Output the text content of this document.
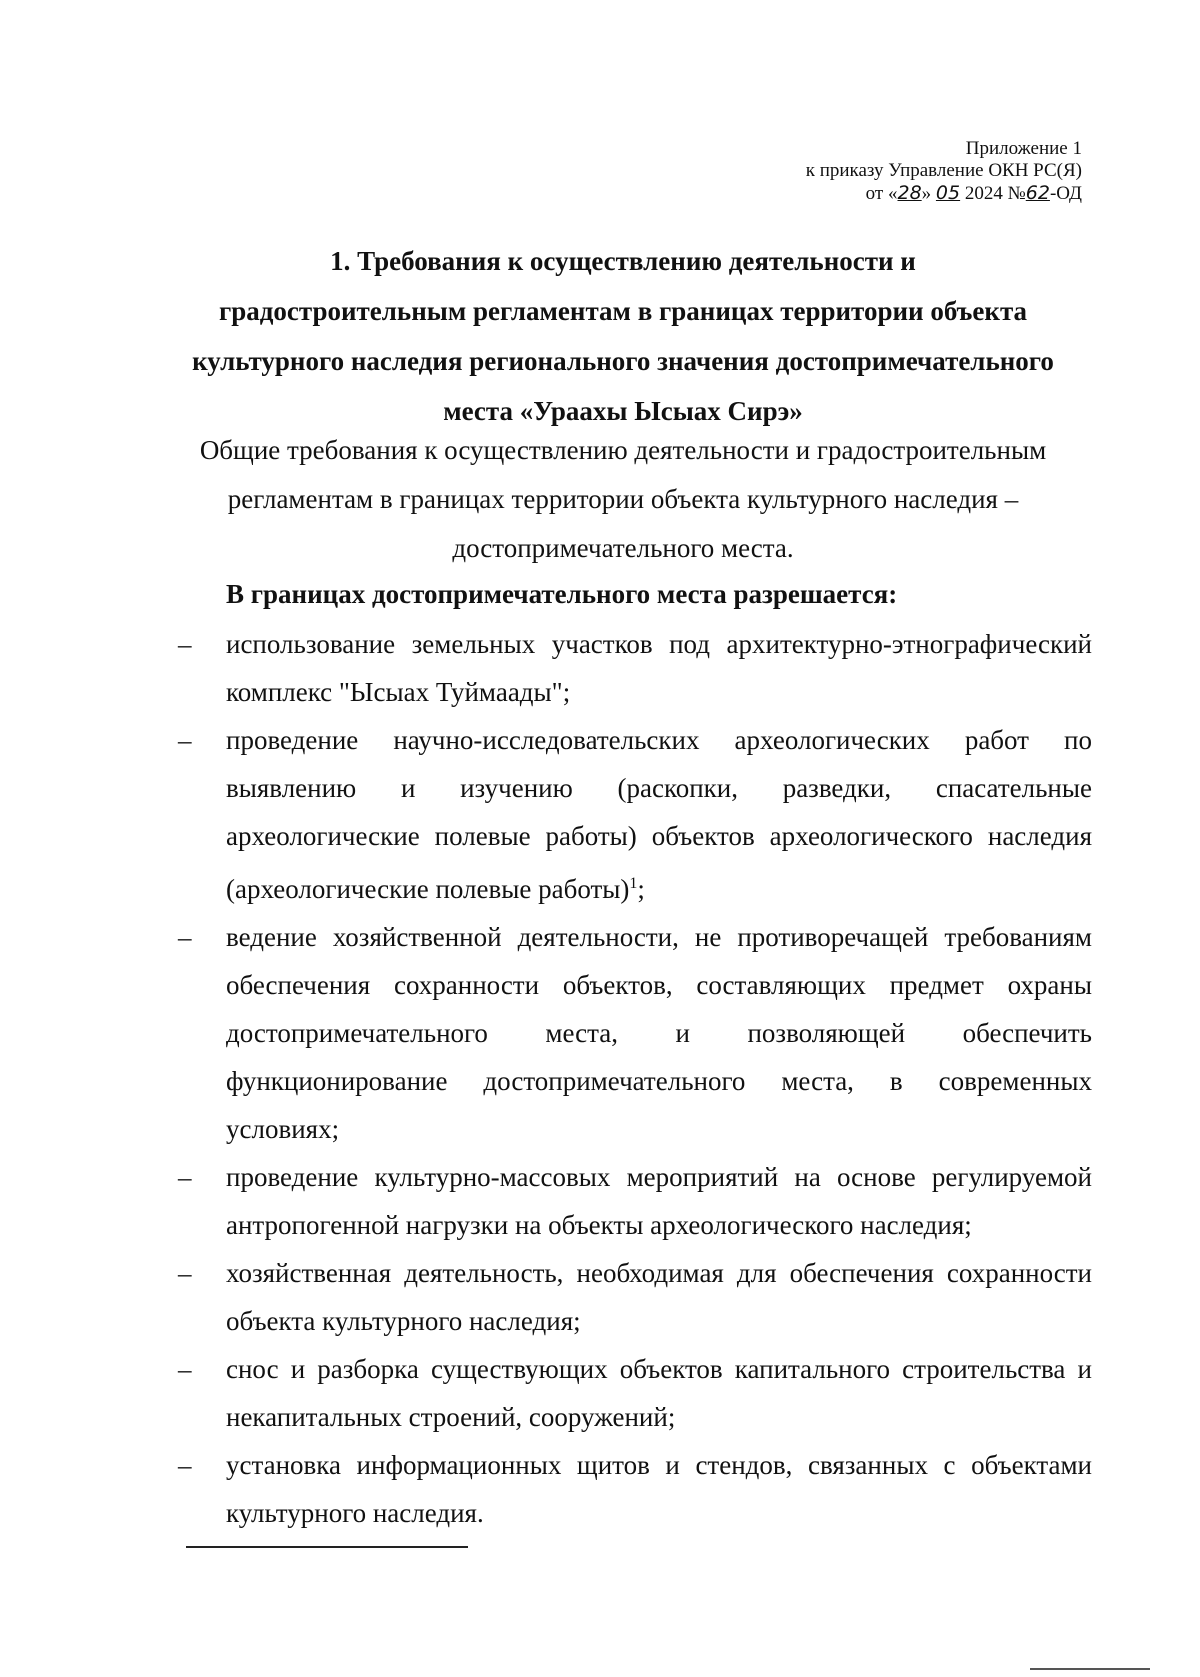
Приложение 1
к приказу Управление ОКН РС(Я)
от «28» 05 2024 №62-ОД
1. Требования к осуществлению деятельности и
градостроительным регламентам в границах территории объекта
культурного наследия регионального значения достопримечательного
места «Ураахы Ысыах Сирэ»
Общие требования к осуществлению деятельности и градостроительным
регламентам в границах территории объекта культурного наследия –
достопримечательного места.
В границах достопримечательного места разрешается:
– использование земельных участков под архитектурно-этнографический комплекс "Ысыах Туймаады";
– проведение научно-исследовательских археологических работ по выявлению и изучению (раскопки, разведки, спасательные археологические полевые работы) объектов археологического наследия (археологические полевые работы)$^1$;
– ведение хозяйственной деятельности, не противоречащей требованиям обеспечения сохранности объектов, составляющих предмет охраны достопримечательного места, и позволяющей обеспечить функционирование достопримечательного места, в современных условиях;
– проведение культурно-массовых мероприятий на основе регулируемой антропогенной нагрузки на объекты археологического наследия;
– хозяйственная деятельность, необходимая для обеспечения сохранности объекта культурного наследия;
– снос и разборка существующих объектов капитального строительства и некапитальных строений, сооружений;
– установка информационных щитов и стендов, связанных с объектами культурного наследия.
